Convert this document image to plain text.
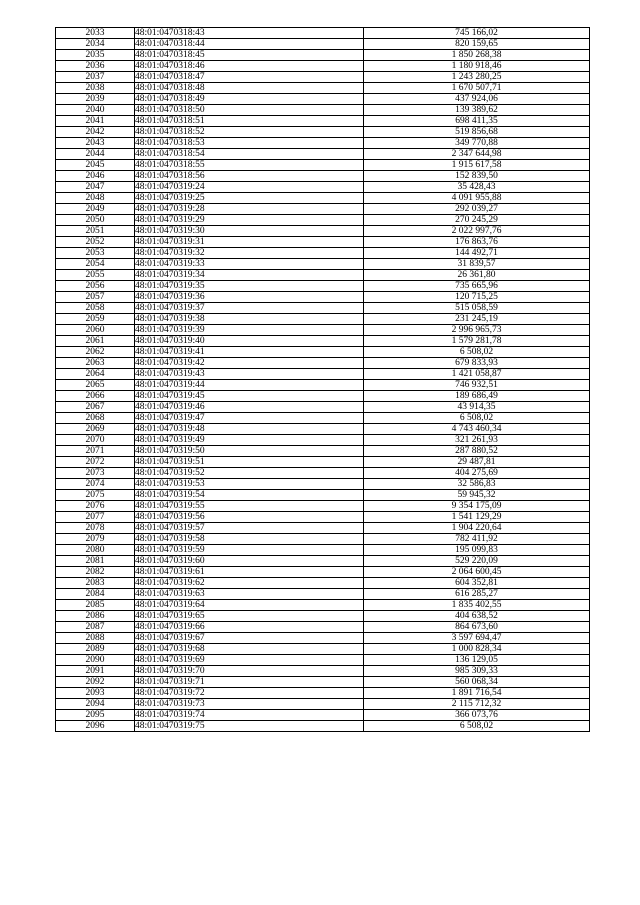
2033	48:01:0470318:43	745 166,02
2034	48:01:0470318:44	820 159,65
2035	48:01:0470318:45	1 850 268,38
2036	48:01:0470318:46	1 180 918,46
2037	48:01:0470318:47	1 243 280,25
2038	48:01:0470318:48	1 670 507,71
2039	48:01:0470318:49	437 924,06
2040	48:01:0470318:50	139 389,62
2041	48:01:0470318:51	698 411,35
2042	48:01:0470318:52	519 856,68
2043	48:01:0470318:53	349 770,88
2044	48:01:0470318:54	2 347 644,98
2045	48:01:0470318:55	1 915 617,58
2046	48:01:0470318:56	152 839,50
2047	48:01:0470319:24	35 428,43
2048	48:01:0470319:25	4 091 955,88
2049	48:01:0470319:28	292 039,27
2050	48:01:0470319:29	270 245,29
2051	48:01:0470319:30	2 022 997,76
2052	48:01:0470319:31	176 863,76
2053	48:01:0470319:32	144 492,71
2054	48:01:0470319:33	31 839,57
2055	48:01:0470319:34	26 361,80
2056	48:01:0470319:35	735 665,96
2057	48:01:0470319:36	120 715,25
2058	48:01:0470319:37	515 058,59
2059	48:01:0470319:38	231 245,19
2060	48:01:0470319:39	2 996 965,73
2061	48:01:0470319:40	1 579 281,78
2062	48:01:0470319:41	6 508,02
2063	48:01:0470319:42	679 833,93
2064	48:01:0470319:43	1 421 058,87
2065	48:01:0470319:44	746 932,51
2066	48:01:0470319:45	189 686,49
2067	48:01:0470319:46	43 914,35
2068	48:01:0470319:47	6 508,02
2069	48:01:0470319:48	4 743 460,34
2070	48:01:0470319:49	321 261,93
2071	48:01:0470319:50	287 880,52
2072	48:01:0470319:51	29 487,81
2073	48:01:0470319:52	404 275,69
2074	48:01:0470319:53	32 586,83
2075	48:01:0470319:54	59 945,32
2076	48:01:0470319:55	9 354 175,09
2077	48:01:0470319:56	1 541 129,29
2078	48:01:0470319:57	1 904 220,64
2079	48:01:0470319:58	782 411,92
2080	48:01:0470319:59	195 099,83
2081	48:01:0470319:60	529 220,09
2082	48:01:0470319:61	2 064 600,45
2083	48:01:0470319:62	604 352,81
2084	48:01:0470319:63	616 285,27
2085	48:01:0470319:64	1 835 402,55
2086	48:01:0470319:65	404 638,52
2087	48:01:0470319:66	864 673,60
2088	48:01:0470319:67	3 597 694,47
2089	48:01:0470319:68	1 000 828,34
2090	48:01:0470319:69	136 129,05
2091	48:01:0470319:70	985 309,33
2092	48:01:0470319:71	560 068,34
2093	48:01:0470319:72	1 891 716,54
2094	48:01:0470319:73	2 115 712,32
2095	48:01:0470319:74	366 073,76
2096	48:01:0470319:75	6 508,02
